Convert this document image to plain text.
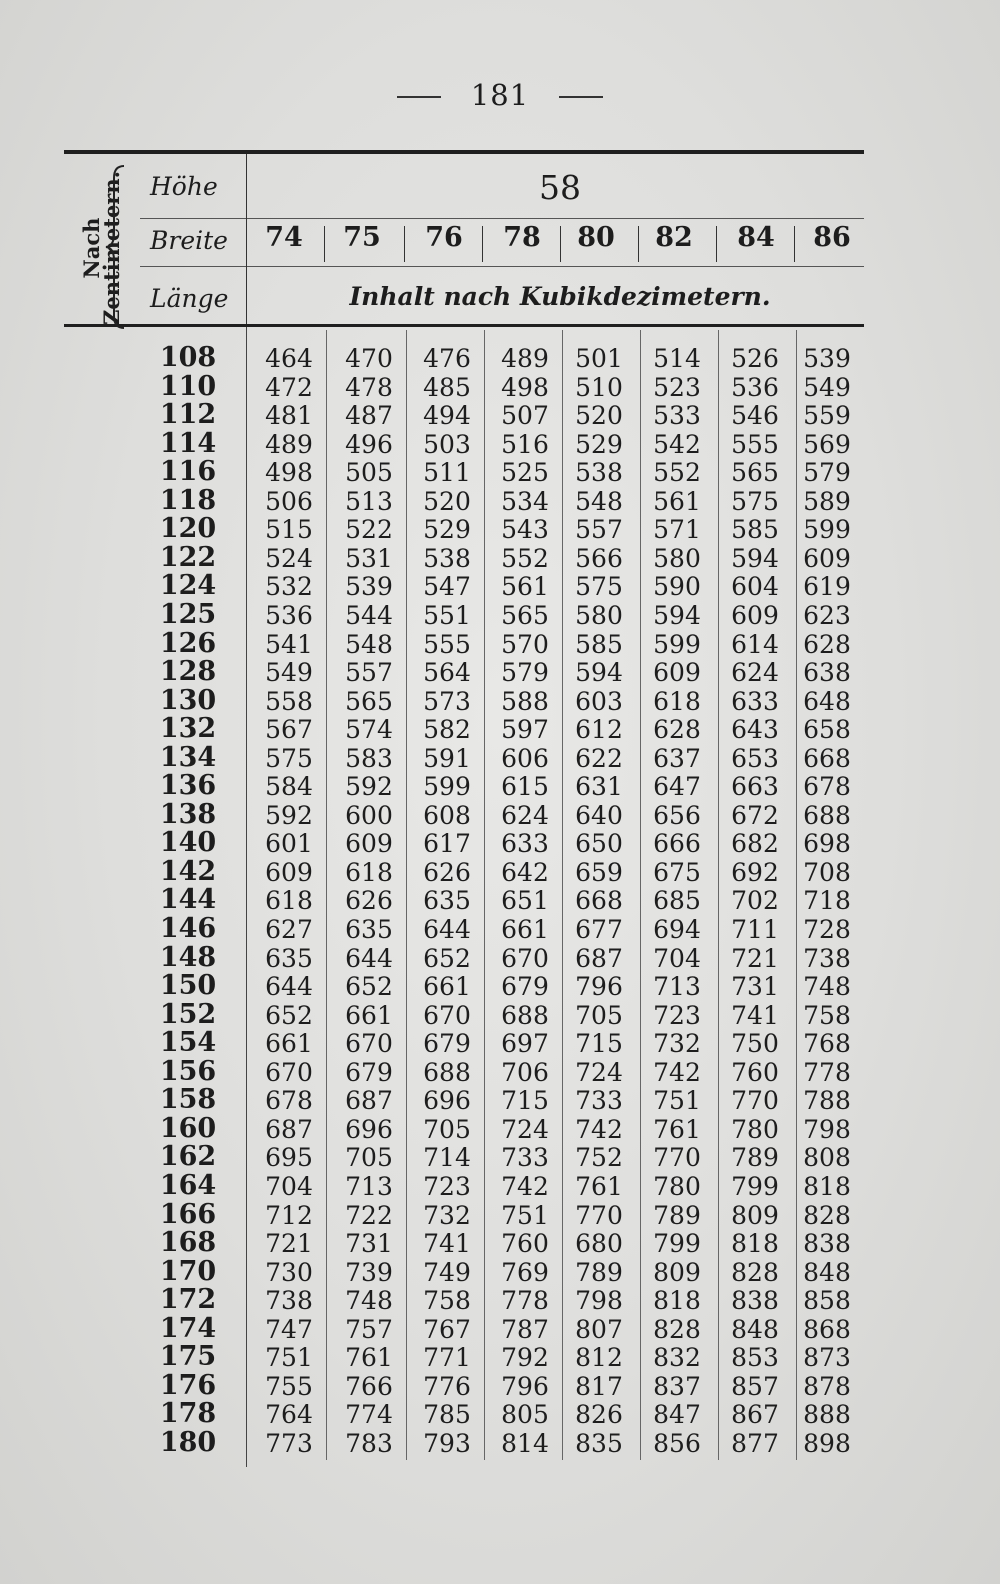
181
Nach Zentimetern. Höhe	58
Breite	74	75	76	78	80	82	84	86
Länge	Inhalt nach Kubikdezimetern.
108	464	470	476	489	501	514	526 539
110	472	478	485	498	510	523	536 549
112	481	487	494	507	520	533	546 559
114	489	496	503	516	529	542	555 569
116	498	505	511	525	538	552	565 579
118	506	513	520	534	548	561	575 589
120	515	522	529	543	557	571	585 599
122	524	531	538	552	566	580	594 609
124	532	539	547	561	575	590	604 619
125	536	544	551	565	580	594	609 623
126	541	548	555	570	585	599	614 628
128	549	557	564	579	594	609	624 638
130	558	565	573	588	603	618	633 648
132	567	574	582	597	612	628	643 658
134	575	583	591	606	622	637	653 668
136	584	592	599	615	631	647	663 678
138	592	600	608	624	640	656	672 688
140	601	609	617	633	650	666	682 698
142	609	618	626	642	659	675	692 708
144	618	626	635	651	668	685	702 718
146	627	635	644	661	677	694	711 728
148	635	644	652	670	687	704	721 738
150	644	652	661	679	796	713	731 748
152	652	661	670	688	705	723	741 758
154	661	670	679	697	715	732	750 768
156	670	679	688	706	724	742	760 778
158	678	687	696	715	733	751	770 788
160	687	696	705	724	742	761	780 798
162	695	705	714	733	752	770	789 808
164	704	713	723	742	761	780	799 818
166	712	722	732	751	770	789	809 828
168	721	731	741	760	680	799	818 838
170	730	739	749	769	789	809	828 848
172	738	748	758	778	798	818	838 858
174	747	757	767	787	807	828	848 868
175	751	761	771	792	812	832	853 873
176	755	766	776	796	817	837	857 878
178	764	774	785	805	826	847	867 888
180	773	783	793	814	835	856	877 898
